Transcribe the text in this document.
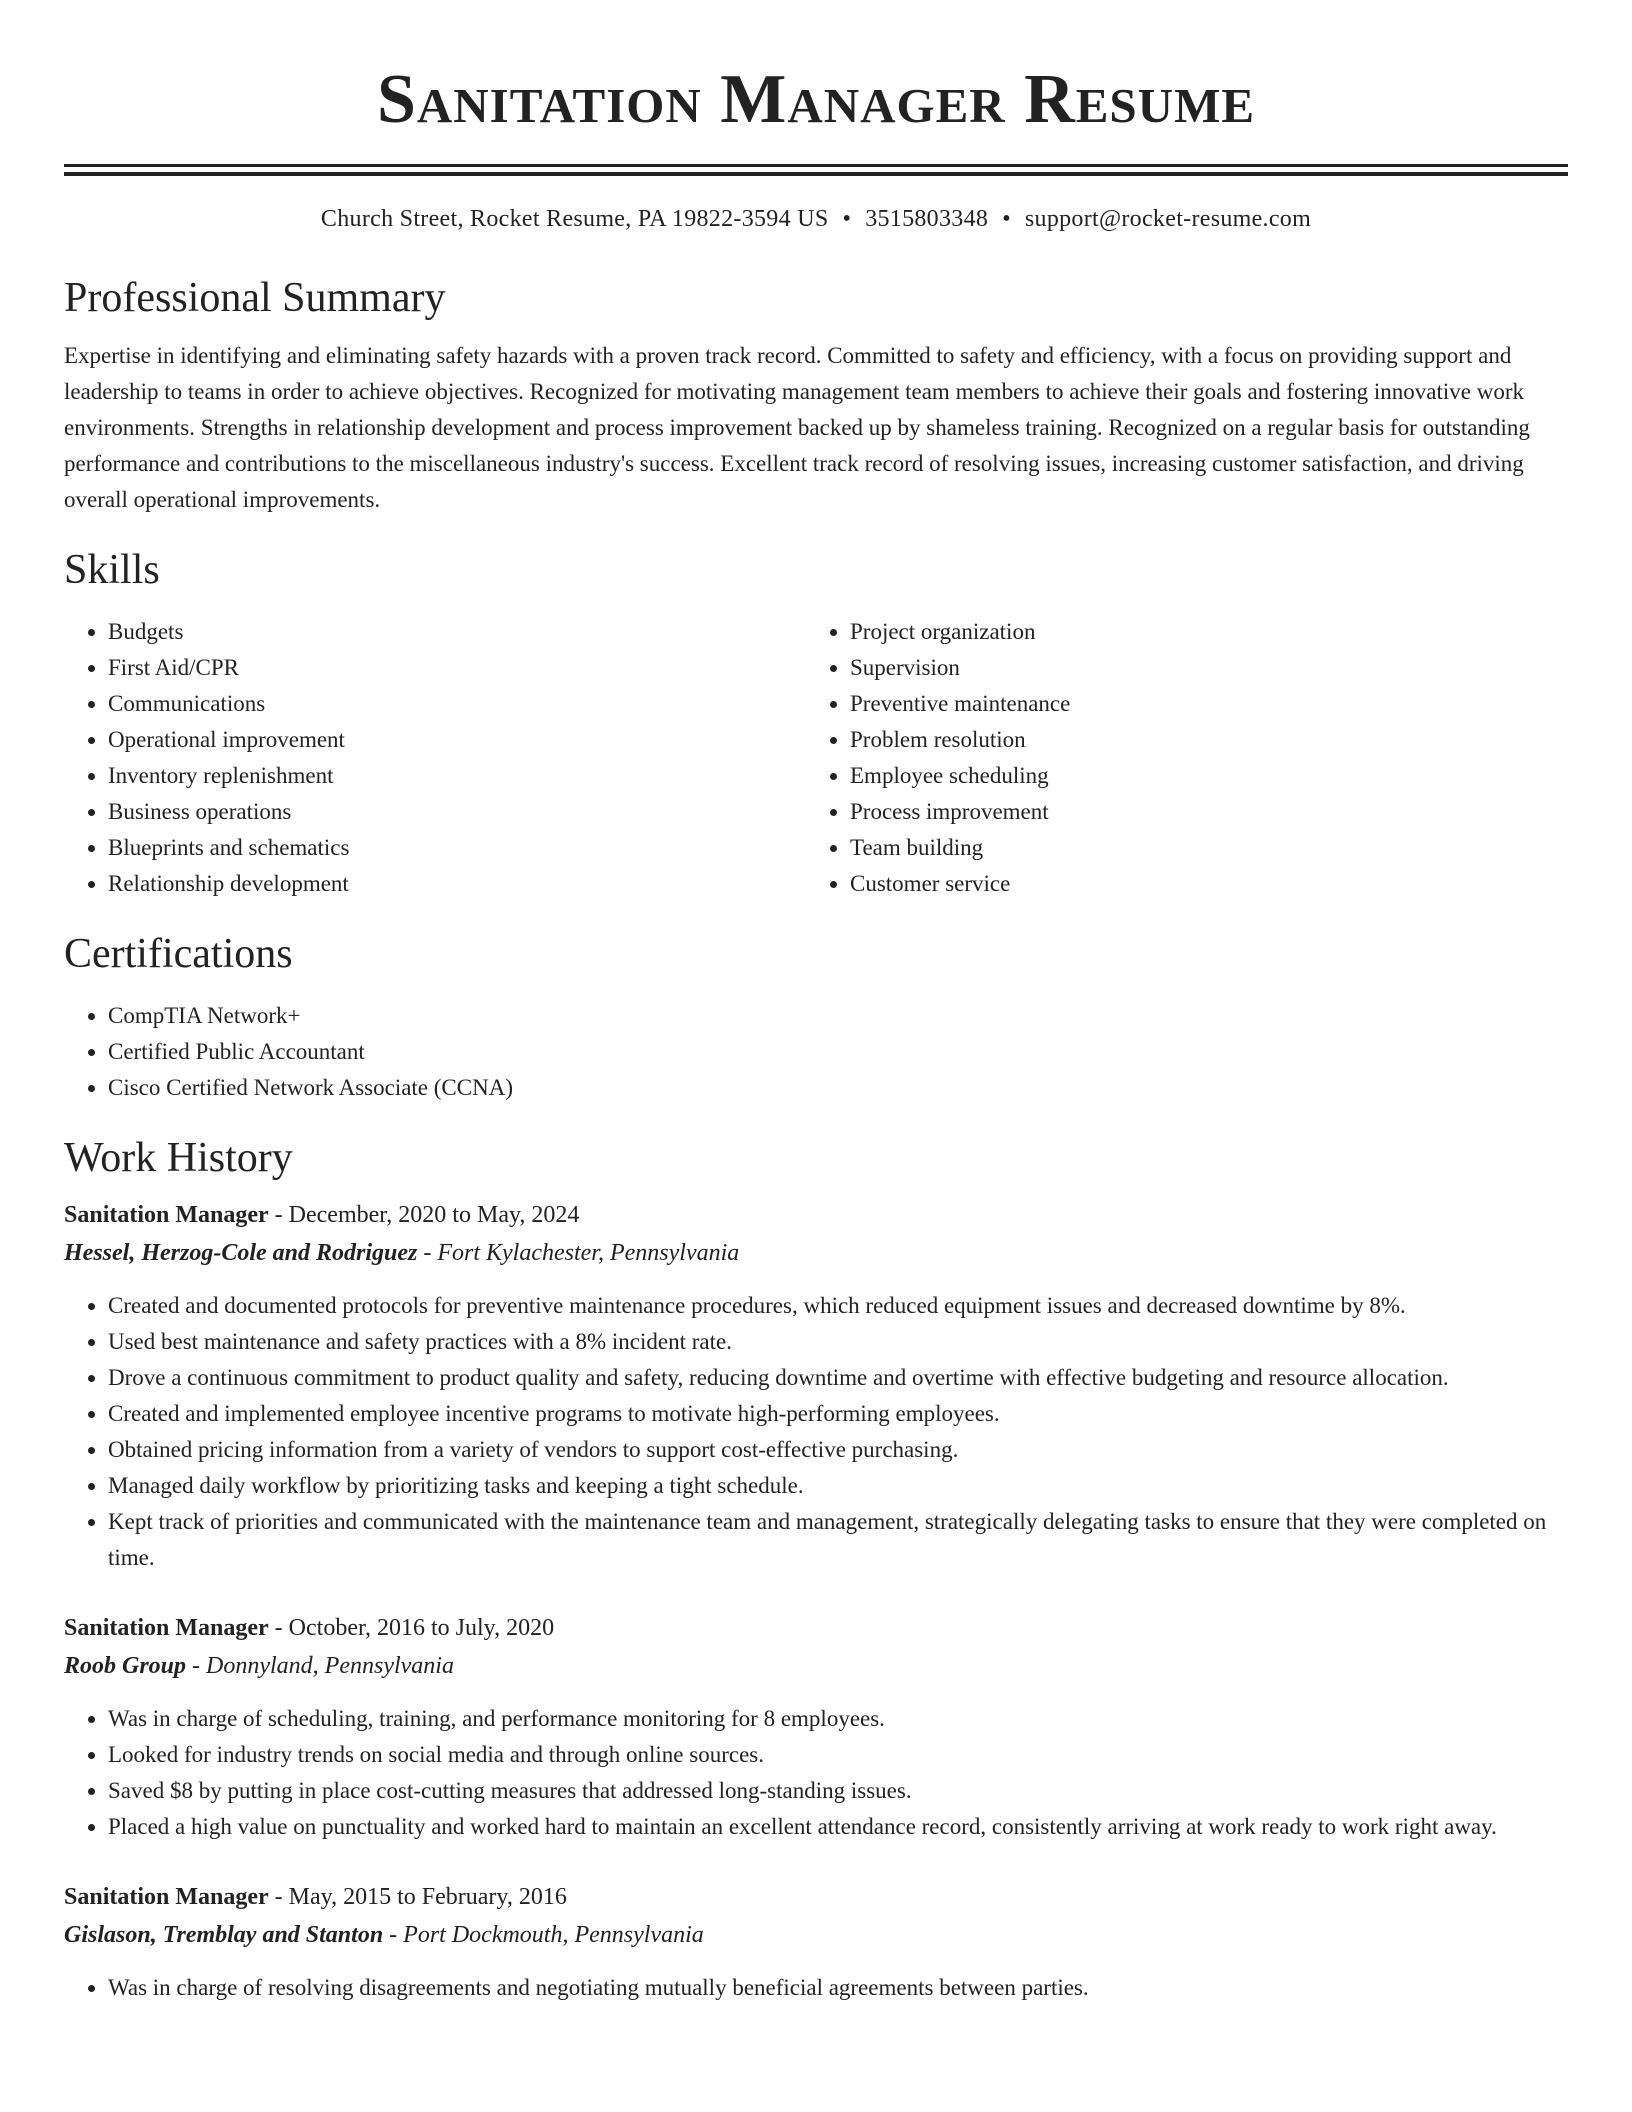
Sanitation Manager Resume
Church Street, Rocket Resume, PA 19822-3594 US • 3515803348 • support@rocket-resume.com
Professional Summary

Expertise in identifying and eliminating safety hazards with a proven track record. Committed to safety and efficiency, with a focus on providing support and leadership to teams in order to achieve objectives. Recognized for motivating management team members to achieve their goals and fostering innovative work environments. Strengths in relationship development and process improvement backed up by shameless training. Recognized on a regular basis for outstanding performance and contributions to the miscellaneous industry's success. Excellent track record of resolving issues, increasing customer satisfaction, and driving overall operational improvements.

Skills
• Budgets
• First Aid/CPR
• Communications
• Operational improvement
• Inventory replenishment
• Business operations
• Blueprints and schematics
• Relationship development
• Project organization
• Supervision
• Preventive maintenance
• Problem resolution
• Employee scheduling
• Process improvement
• Team building
• Customer service
Certifications
• CompTIA Network+
• Certified Public Accountant
• Cisco Certified Network Associate (CCNA)
Work History
Sanitation Manager - December, 2020 to May, 2024
Hessel, Herzog-Cole and Rodriguez - Fort Kylachester, Pennsylvania
• Created and documented protocols for preventive maintenance procedures, which reduced equipment issues and decreased downtime by 8%.
• Used best maintenance and safety practices with a 8% incident rate.
• Drove a continuous commitment to product quality and safety, reducing downtime and overtime with effective budgeting and resource allocation.
• Created and implemented employee incentive programs to motivate high-performing employees.
• Obtained pricing information from a variety of vendors to support cost-effective purchasing.
• Managed daily workflow by prioritizing tasks and keeping a tight schedule.
• Kept track of priorities and communicated with the maintenance team and management, strategically delegating tasks to ensure that they were completed on time.
Sanitation Manager - October, 2016 to July, 2020
Roob Group - Donnyland, Pennsylvania
• Was in charge of scheduling, training, and performance monitoring for 8 employees.
• Looked for industry trends on social media and through online sources.
• Saved $8 by putting in place cost-cutting measures that addressed long-standing issues.
• Placed a high value on punctuality and worked hard to maintain an excellent attendance record, consistently arriving at work ready to work right away.
Sanitation Manager - May, 2015 to February, 2016
Gislason, Tremblay and Stanton - Port Dockmouth, Pennsylvania
• Was in charge of resolving disagreements and negotiating mutually beneficial agreements between parties.
